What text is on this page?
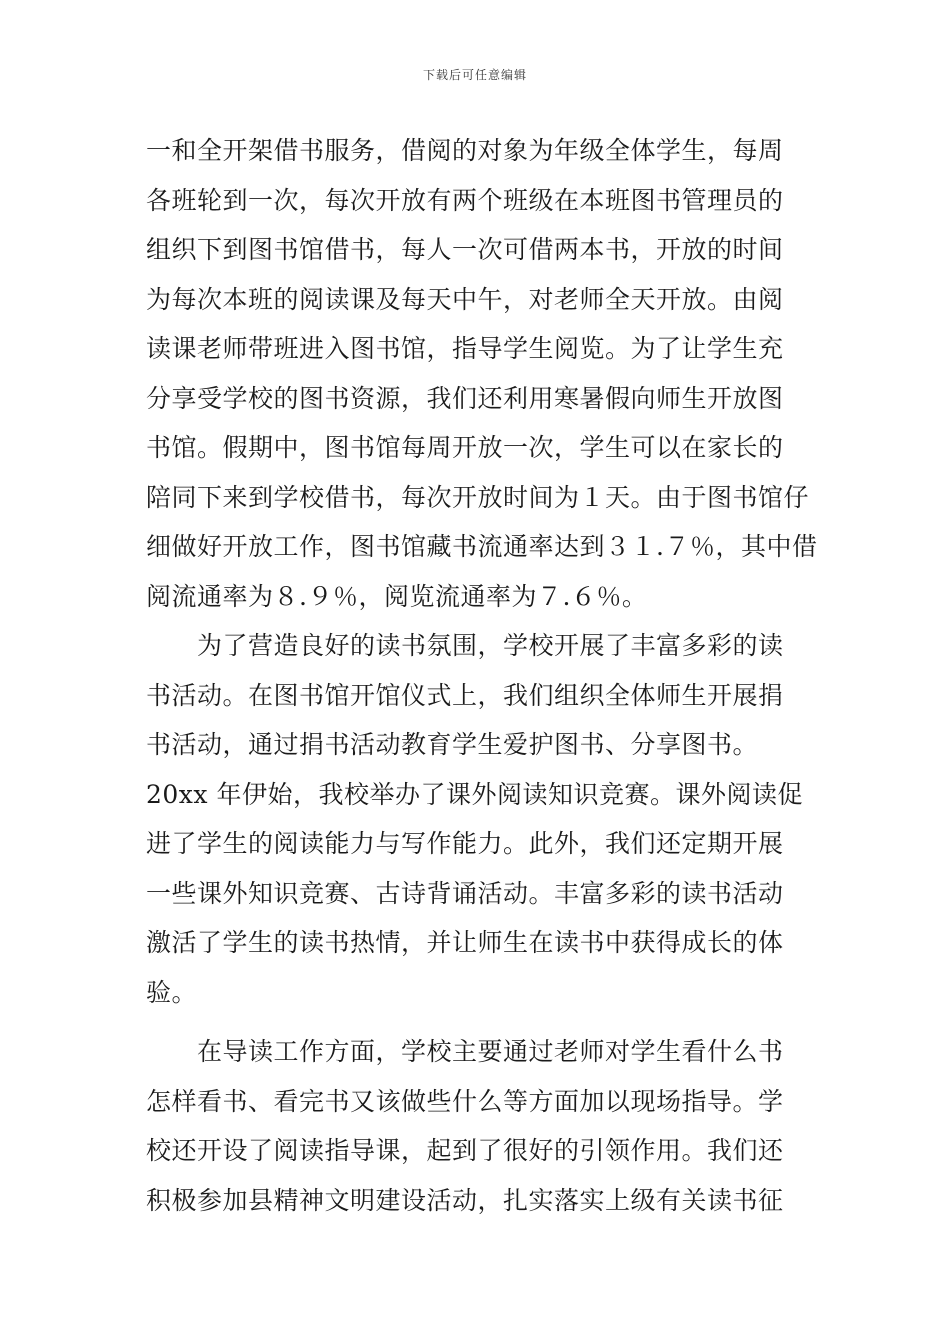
下载后可任意编辑
一和全开架借书服务，借阅的对象为年级全体学生，每周
各班轮到一次，每次开放有两个班级在本班图书管理员的
组织下到图书馆借书，每人一次可借两本书，开放的时间
为每次本班的阅读课及每天中午，对老师全天开放。由阅
读课老师带班进入图书馆，指导学生阅览。为了让学生充
分享受学校的图书资源，我们还利用寒暑假向师生开放图
书馆。假期中，图书馆每周开放一次，学生可以在家长的
陪同下来到学校借书，每次开放时间为１天。由于图书馆仔
细做好开放工作，图书馆藏书流通率达到３１.７％，其中借
阅流通率为８.９％，阅览流通率为７.６％。
　　为了营造良好的读书氛围，学校开展了丰富多彩的读
书活动。在图书馆开馆仪式上，我们组织全体师生开展捐
书活动，通过捐书活动教育学生爱护图书、分享图书。
20xx 年伊始，我校举办了课外阅读知识竞赛。课外阅读促
进了学生的阅读能力与写作能力。此外，我们还定期开展
一些课外知识竞赛、古诗背诵活动。丰富多彩的读书活动
激活了学生的读书热情，并让师生在读书中获得成长的体
验。
　　在导读工作方面，学校主要通过老师对学生看什么书
怎样看书、看完书又该做些什么等方面加以现场指导。学
校还开设了阅读指导课，起到了很好的引领作用。我们还
积极参加县精神文明建设活动，扎实落实上级有关读书征
